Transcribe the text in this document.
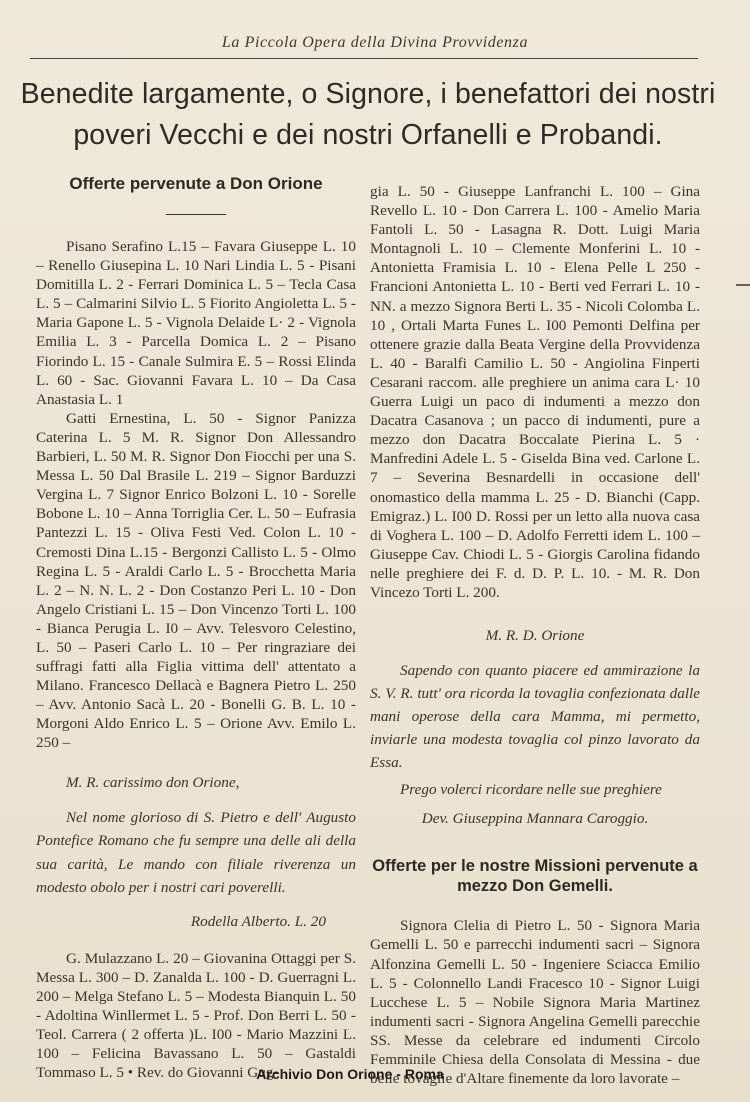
La Piccola Opera della Divina Provvidenza
Benedite largamente, o Signore, i benefattori dei nostri
poveri Vecchi e dei nostri Orfanelli e Probandi.
Offerte pervenute a Don Orione

Pisano Serafino L.15 – Favara Giuseppe L. 10 – Renello Giusepina L. 10 Nari Lindia L. 5 - Pisani Domitilla L. 2 - Ferrari Dominica L. 5 – Tecla Casa L. 5 – Calmarini Silvio L. 5 Fiorito Angioletta L. 5 - Maria Gapone L. 5 - Vignola Delaide L· 2 - Vignola Emilia L. 3 - Parcella Domica L. 2 – Pisano Fiorindo L. 15 - Canale Sulmira E. 5 – Rossi Elinda L. 60 - Sac. Giovanni Favara L. 10 – Da Casa Anastasia L. 1

Gatti Ernestina, L. 50 - Signor Panizza Caterina L. 5 M. R. Signor Don Allessandro Barbieri, L. 50 M. R. Signor Don Fiocchi per una S. Messa L. 50 Dal Brasile L. 219 – Signor Barduzzi Vergina L. 7 Signor Enrico Bolzoni L. 10 - Sorelle Bobone L. 10 – Anna Torriglia Cer. L. 50 – Eufrasia Pantezzi L. 15 - Oliva Festi Ved. Colon L. 10 - Cremosti Dina L.15 - Bergonzi Callisto L. 5 - Olmo Regina L. 5 - Araldi Carlo L. 5 - Brocchetta Maria L. 2 – N. N. L. 2 - Don Costanzo Peri L. 10 - Don Angelo Cristiani L. 15 – Don Vincenzo Torti L. 100 - Bianca Perugia L. I0 – Avv. Telesvoro Celestino, L. 50 – Paseri Carlo L. 10 – Per ringraziare dei suffragi fatti alla Figlia vittima dell' attentato a Milano. Francesco Dellacà e Bagnera Pietro L. 250 – Avv. Antonio Sacà L. 20 - Bonelli G. B. L. 10 - Morgoni Aldo Enrico L. 5 – Orione Avv. Emilo L. 250 –

M. R. carissimo don Orione,

Nel nome glorioso di S. Pietro e dell' Augusto Pontefice Romano che fu sempre una delle ali della sua carità, Le mando con filiale riverenza un modesto obolo per i nostri cari poverelli.

Rodella Alberto. L. 20

G. Mulazzano L. 20 – Giovanina Ottaggi per S. Messa L. 300 – D. Zanalda L. 100 - D. Guerragni L. 200 – Melga Stefano L. 5 – Modesta Bianquin L. 50 - Adoltina Winllermet L. 5 - Prof. Don Berri L. 50 - Teol. Carrera ( 2 offerta )L. I00 - Mario Mazzini L. 100 – Felicina Bavassano L. 50 – Gastaldi Tommaso L. 5 • Rev. do Giovanni Gug-

gia L. 50 - Giuseppe Lanfranchi L. 100 – Gina Revello L. 10 - Don Carrera L. 100 - Amelio Maria Fantoli L. 50 - Lasagna R. Dott. Luigi Maria Montagnoli L. 10 – Clemente Monferini L. 10 - Antonietta Framisia L. 10 - Elena Pelle L 250 - Francioni Antonietta L. 10 - Berti ved Ferrari L. 10 - NN. a mezzo Signora Berti L. 35 - Nicoli Colomba L. 10 , Ortali Marta Funes L. I00 Pemonti Delfina per ottenere grazie dalla Beata Vergine della Provvidenza L. 40 - Baralfi Camilio L. 50 - Angiolina Finperti Cesarani raccom. alle preghiere un anima cara L· 10 Guerra Luigi un paco di indumenti a mezzo don Dacatra Casanova ; un pacco di indumenti, pure a mezzo don Dacatra Boccalate Pierina L. 5 · Manfredini Adele L. 5 - Giselda Bina ved. Carlone L. 7 – Severina Besnardelli in occasione dell' onomastico della mamma L. 25 - D. Bianchi (Capp. Emigraz.) L. I00 D. Rossi per un letto alla nuova casa di Voghera L. 100 – D. Adolfo Ferretti idem L. 100 – Giuseppe Cav. Chiodi L. 5 - Giorgis Carolina fidando nelle preghiere dei F. d. D. P. L. 10. - M. R. Don Vincezo Torti L. 200.

M. R. D. Orione

Sapendo con quanto piacere ed ammirazione la S. V. R. tutt' ora ricorda la tovaglia confezionata dalle mani operose della cara Mamma, mi permetto, inviarle una modesta tovaglia col pinzo lavorato da Essa.

Prego volerci ricordare nelle sue preghiere

Dev. Giuseppina Mannara Caroggio.

Offerte per le nostre Missioni pervenute a mezzo Don Gemelli.

Signora Clelia di Pietro L. 50 - Signora Maria Gemelli L. 50 e parrecchi indumenti sacri – Signora Alfonzina Gemelli L. 50 - Ingeniere Sciacca Emilio L. 5 - Colonnello Landi Fracesco 10 - Signor Luigi Lucchese L. 5 – Nobile Signora Maria Martinez indumenti sacri - Signora Angelina Gemelli parecchie SS. Messe da celebrare ed indumenti Circolo Femminile Chiesa della Consolata di Messina - due belle tovaglie d'Altare finemente da loro lavorate –

Archivio Don Orione - Roma
